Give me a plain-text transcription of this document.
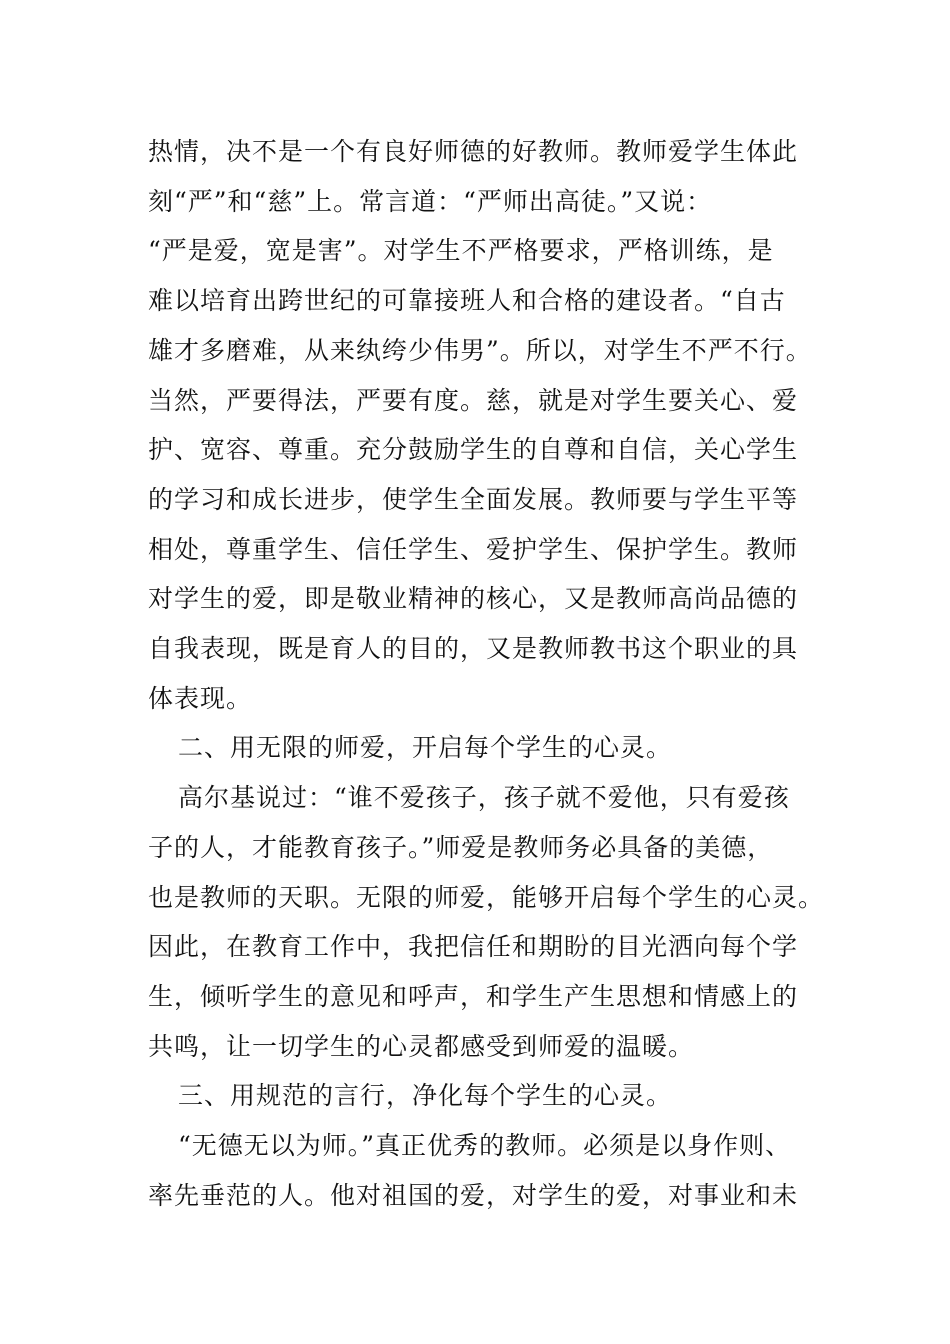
热情，决不是一个有良好师德的好教师。教师爱学生体此
刻“严”和“慈”上。常言道：“严师出高徒。”又说：
“严是爱，宽是害”。对学生不严格要求，严格训练，是
难以培育出跨世纪的可靠接班人和合格的建设者。“自古
雄才多磨难，从来纨绔少伟男”。所以，对学生不严不行。
当然，严要得法，严要有度。慈，就是对学生要关心、爱
护、宽容、尊重。充分鼓励学生的自尊和自信，关心学生
的学习和成长进步，使学生全面发展。教师要与学生平等
相处，尊重学生、信任学生、爱护学生、保护学生。教师
对学生的爱，即是敬业精神的核心，又是教师高尚品德的
自我表现，既是育人的目的，又是教师教书这个职业的具
体表现。
二、用无限的师爱，开启每个学生的心灵。
高尔基说过：“谁不爱孩子，孩子就不爱他，只有爱孩
子的人，才能教育孩子。”师爱是教师务必具备的美德，
也是教师的天职。无限的师爱，能够开启每个学生的心灵。
因此，在教育工作中，我把信任和期盼的目光洒向每个学
生，倾听学生的意见和呼声，和学生产生思想和情感上的
共鸣，让一切学生的心灵都感受到师爱的温暖。
三、用规范的言行，净化每个学生的心灵。
“无德无以为师。”真正优秀的教师。必须是以身作则、
率先垂范的人。他对祖国的爱，对学生的爱，对事业和未
